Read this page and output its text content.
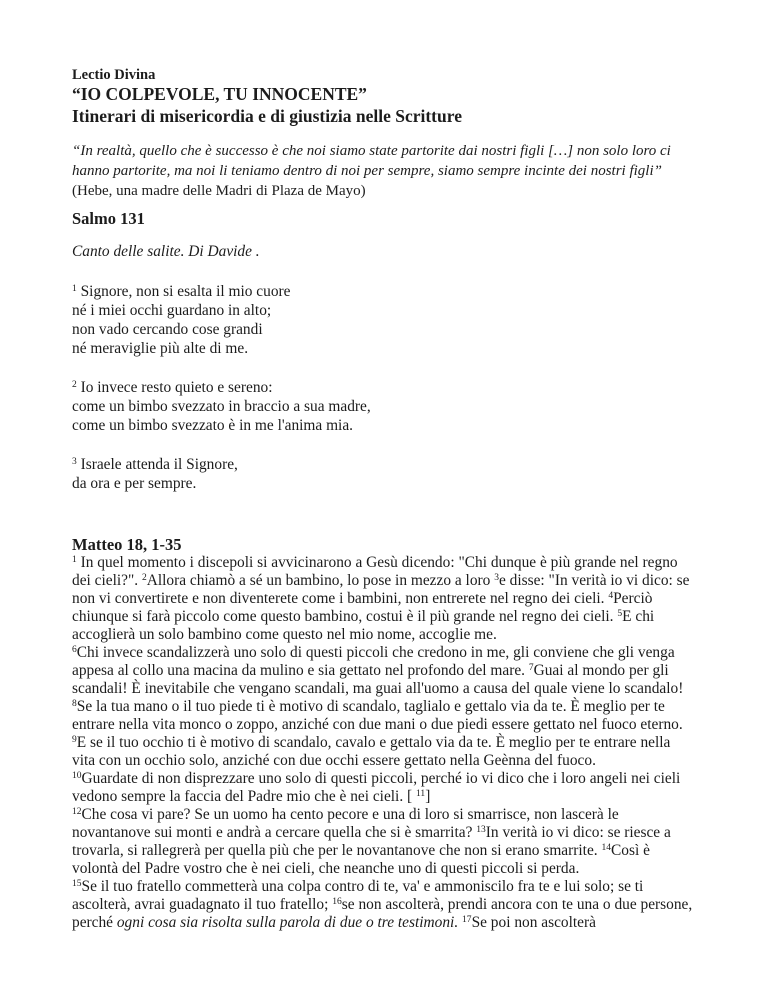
Lectio Divina
“IO COLPEVOLE, TU INNOCENTE”
Itinerari di misericordia e di giustizia nelle Scritture

“In realtà, quello che è successo è che noi siamo state partorite dai nostri figli […] non solo loro ci hanno partorite, ma noi li teniamo dentro di noi per sempre, siamo sempre incinte dei nostri figli”

(Hebe, una madre delle Madri di Plaza de Mayo)

Salmo 131

Canto delle salite. Di Davide .

$^1$ Signore, non si esalta il mio cuore
né i miei occhi guardano in alto;
non vado cercando cose grandi
né meraviglie più alte di me.

$^2$ Io invece resto quieto e sereno:
come un bimbo svezzato in braccio a sua madre,
come un bimbo svezzato è in me l'anima mia.

$^3$ Israele attenda il Signore,
da ora e per sempre.

Matteo 18, 1-35

$^1$ In quel momento i discepoli si avvicinarono a Gesù dicendo: "Chi dunque è più grande nel regno dei cieli?". $^2$Allora chiamò a sé un bambino, lo pose in mezzo a loro $^3$e disse: "In verità io vi dico: se non vi convertirete e non diventerete come i bambini, non entrerete nel regno dei cieli. $^4$Perciò chiunque si farà piccolo come questo bambino, costui è il più grande nel regno dei cieli. $^5$E chi accoglierà un solo bambino come questo nel mio nome, accoglie me.

$^6$Chi invece scandalizzerà uno solo di questi piccoli che credono in me, gli conviene che gli venga appesa al collo una macina da mulino e sia gettato nel profondo del mare. $^7$Guai al mondo per gli scandali! È inevitabile che vengano scandali, ma guai all'uomo a causa del quale viene lo scandalo!

$^8$Se la tua mano o il tuo piede ti è motivo di scandalo, taglialo e gettalo via da te. È meglio per te entrare nella vita monco o zoppo, anziché con due mani o due piedi essere gettato nel fuoco eterno.

$^9$E se il tuo occhio ti è motivo di scandalo, cavalo e gettalo via da te. È meglio per te entrare nella vita con un occhio solo, anziché con due occhi essere gettato nella Geènna del fuoco.

$^{10}$Guardate di non disprezzare uno solo di questi piccoli, perché io vi dico che i loro angeli nei cieli vedono sempre la faccia del Padre mio che è nei cieli. [ $^{11}$]

$^{12}$Che cosa vi pare? Se un uomo ha cento pecore e una di loro si smarrisce, non lascerà le novantanove sui monti e andrà a cercare quella che si è smarrita? $^{13}$In verità io vi dico: se riesce a trovarla, si rallegrerà per quella più che per le novantanove che non si erano smarrite. $^{14}$Così è volontà del Padre vostro che è nei cieli, che neanche uno di questi piccoli si perda.

$^{15}$Se il tuo fratello commetterà una colpa contro di te, va' e ammoniscilo fra te e lui solo; se ti ascolterà, avrai guadagnato il tuo fratello; $^{16}$se non ascolterà, prendi ancora con te una o due persone, perché ogni cosa sia risolta sulla parola di due o tre testimoni. $^{17}$Se poi non ascolterà
